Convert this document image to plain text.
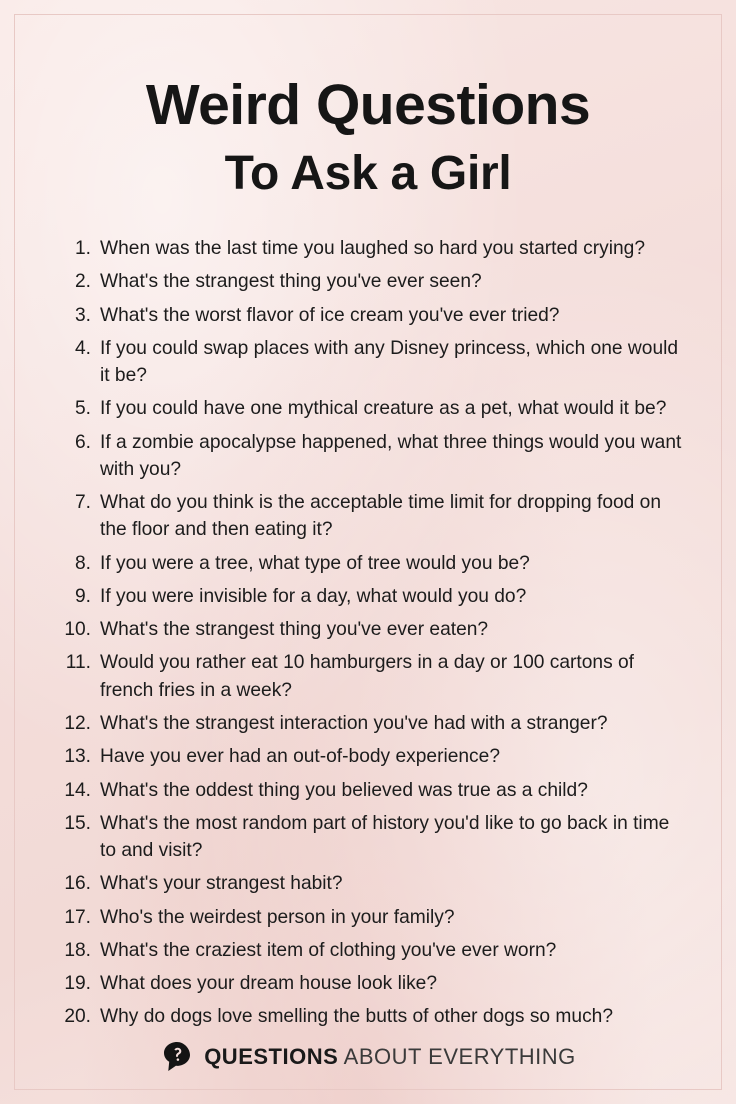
Weird Questions
To Ask a Girl
1. When was the last time you laughed so hard you started crying?
2. What's the strangest thing you've ever seen?
3. What's the worst flavor of ice cream you've ever tried?
4. If you could swap places with any Disney princess, which one would it be?
5. If you could have one mythical creature as a pet, what would it be?
6. If a zombie apocalypse happened, what three things would you want with you?
7. What do you think is the acceptable time limit for dropping food on the floor and then eating it?
8. If you were a tree, what type of tree would you be?
9. If you were invisible for a day, what would you do?
10. What's the strangest thing you've ever eaten?
11. Would you rather eat 10 hamburgers in a day or 100 cartons of french fries in a week?
12. What's the strangest interaction you've had with a stranger?
13. Have you ever had an out-of-body experience?
14. What's the oddest thing you believed was true as a child?
15. What's the most random part of history you'd like to go back in time to and visit?
16. What's your strangest habit?
17. Who's the weirdest person in your family?
18. What's the craziest item of clothing you've ever worn?
19. What does your dream house look like?
20. Why do dogs love smelling the butts of other dogs so much?
QUESTIONS ABOUT EVERYTHING
